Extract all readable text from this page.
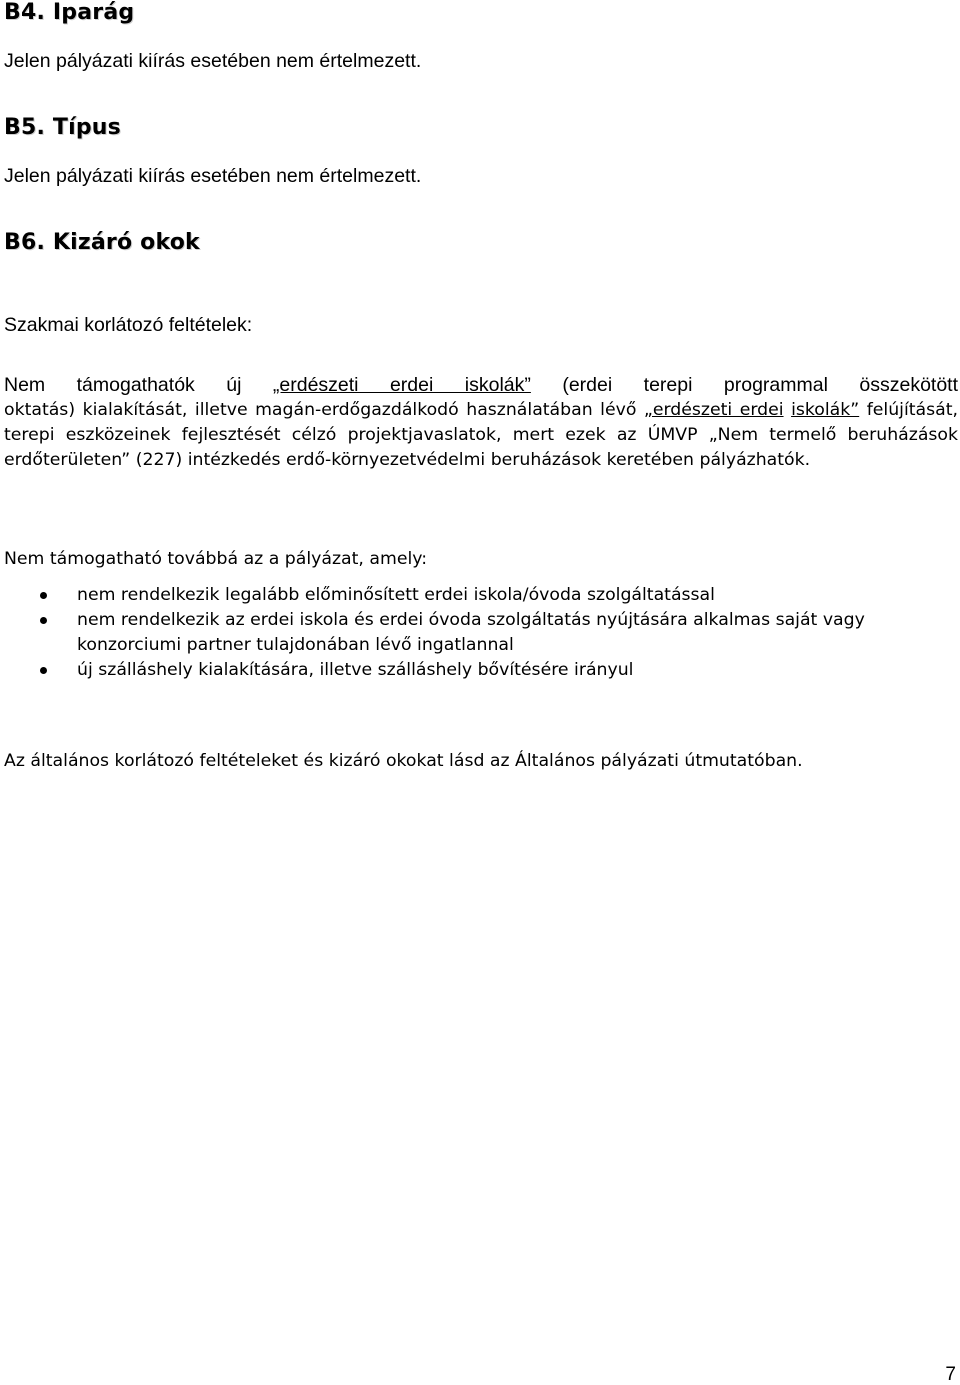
B4. Iparág

Jelen pályázati kiírás esetében nem értelmezett.

B5. Típus

Jelen pályázati kiírás esetében nem értelmezett.

B6. Kizáró okok

Szakmai korlátozó feltételek:

Nem támogathatók új „erdészeti erdei iskolák” (erdei terepi programmal összekötött

oktatás) kialakítását, illetve magán-erdőgazdálkodó használatában lévő „erdészeti erdei iskolák” felújítását, terepi eszközeinek fejlesztését célzó projektjavaslatok, mert ezek az ÚMVP „Nem termelő beruházások erdőterületen” (227) intézkedés erdő-környezetvédelmi beruházások keretében pályázhatók.

Nem támogatható továbbá az a pályázat, amely:

nem rendelkezik legalább előminősített erdei iskola/óvoda szolgáltatással
nem rendelkezik az erdei iskola és erdei óvoda szolgáltatás nyújtására alkalmas saját vagy konzorciumi partner tulajdonában lévő ingatlannal
új szálláshely kialakítására, illetve szálláshely bővítésére irányul

Az általános korlátozó feltételeket és kizáró okokat lásd az Általános pályázati útmutatóban.

7
